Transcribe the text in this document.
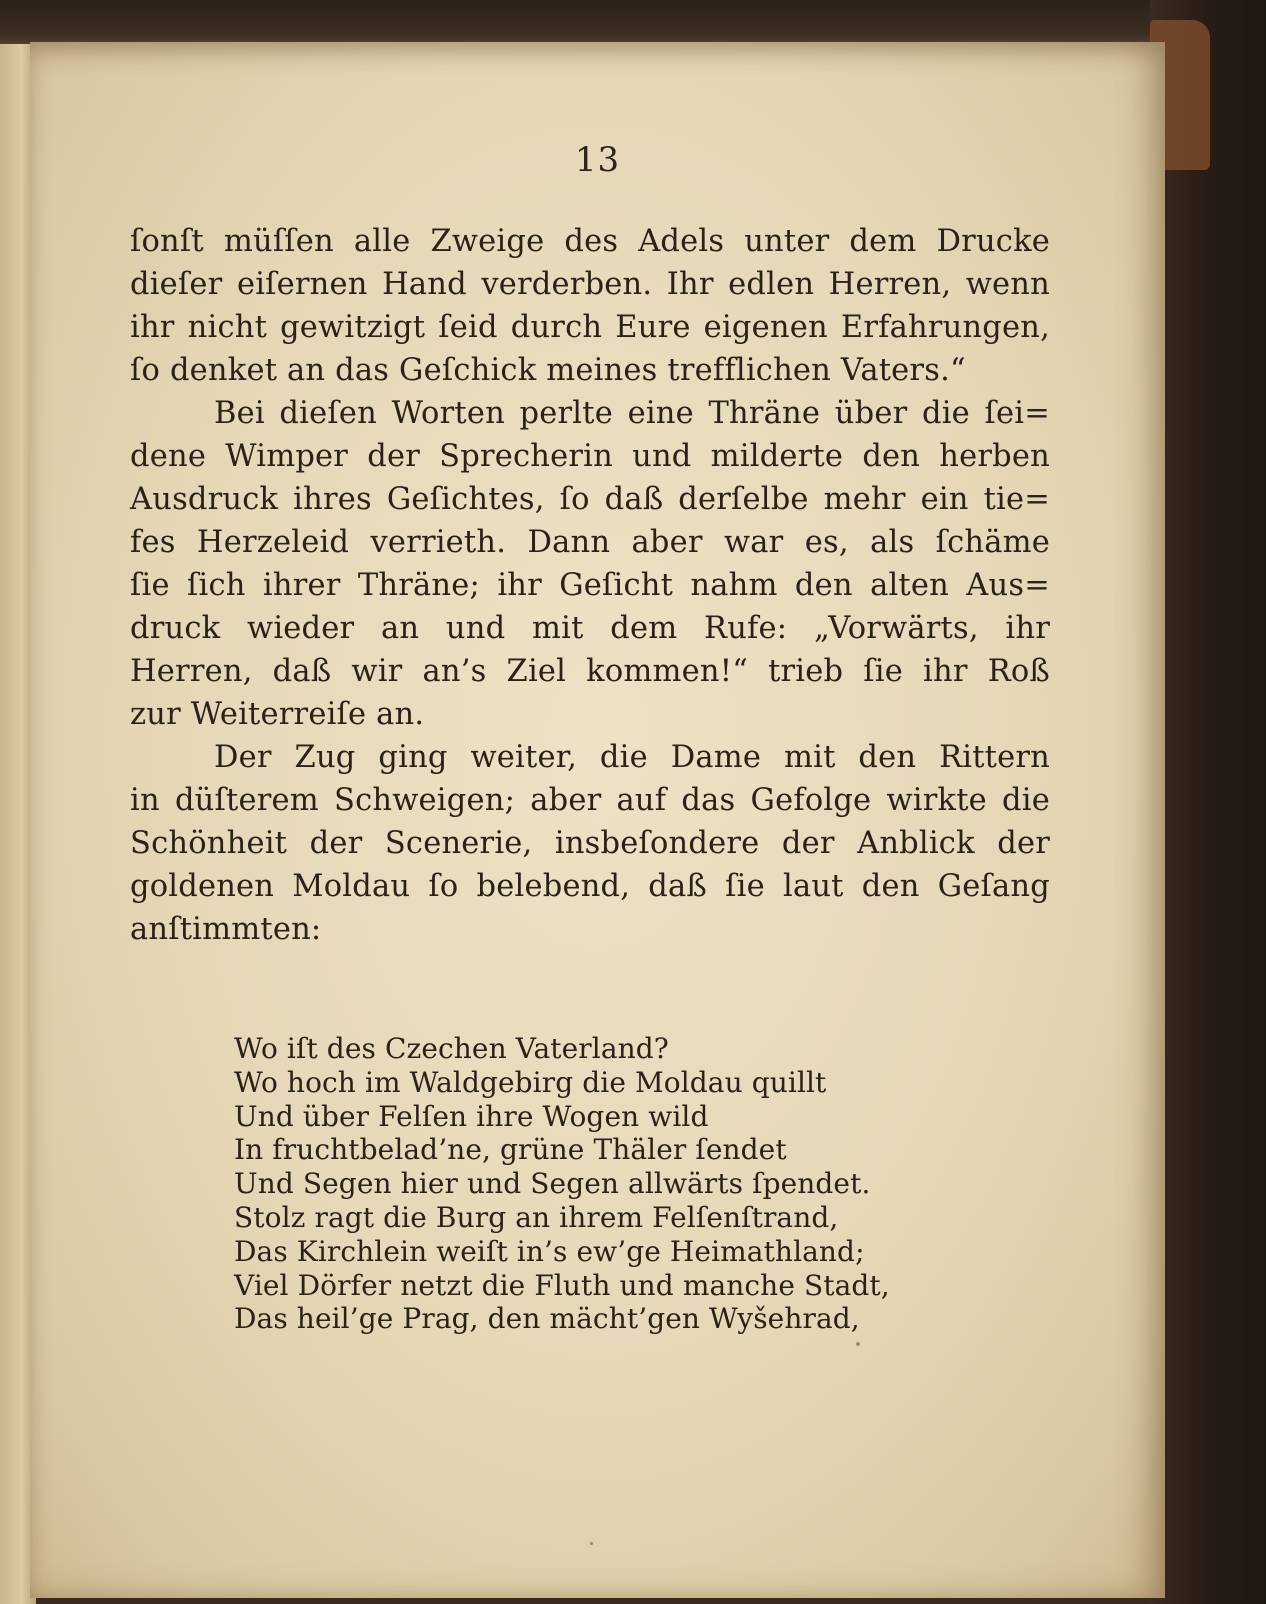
13
ſonſt müſſen alle Zweige des Adels unter dem Drucke
dieſer eiſernen Hand verderben. Ihr edlen Herren, wenn
ihr nicht gewitzigt ſeid durch Eure eigenen Erfahrungen,
ſo denket an das Geſchick meines trefflichen Vaters.“
Bei dieſen Worten perlte eine Thräne über die ſei=
dene Wimper der Sprecherin und milderte den herben
Ausdruck ihres Geſichtes, ſo daß derſelbe mehr ein tie=
fes Herzeleid verrieth. Dann aber war es, als ſchäme
ſie ſich ihrer Thräne; ihr Geſicht nahm den alten Aus=
druck wieder an und mit dem Rufe: „Vorwärts, ihr
Herren, daß wir an’s Ziel kommen!“ trieb ſie ihr Roß
zur Weiterreiſe an.
Der Zug ging weiter, die Dame mit den Rittern
in düſterem Schweigen; aber auf das Gefolge wirkte die
Schönheit der Scenerie, insbeſondere der Anblick der
goldenen Moldau ſo belebend, daß ſie laut den Geſang
anſtimmten:
Wo iſt des Czechen Vaterland?
Wo hoch im Waldgebirg die Moldau quillt
Und über Felſen ihre Wogen wild
In fruchtbelad’ne, grüne Thäler ſendet
Und Segen hier und Segen allwärts ſpendet.
Stolz ragt die Burg an ihrem Felſenſtrand,
Das Kirchlein weiſt in’s ew’ge Heimathland;
Viel Dörfer netzt die Fluth und manche Stadt,
Das heil’ge Prag, den mächt’gen Wyšehrad,
